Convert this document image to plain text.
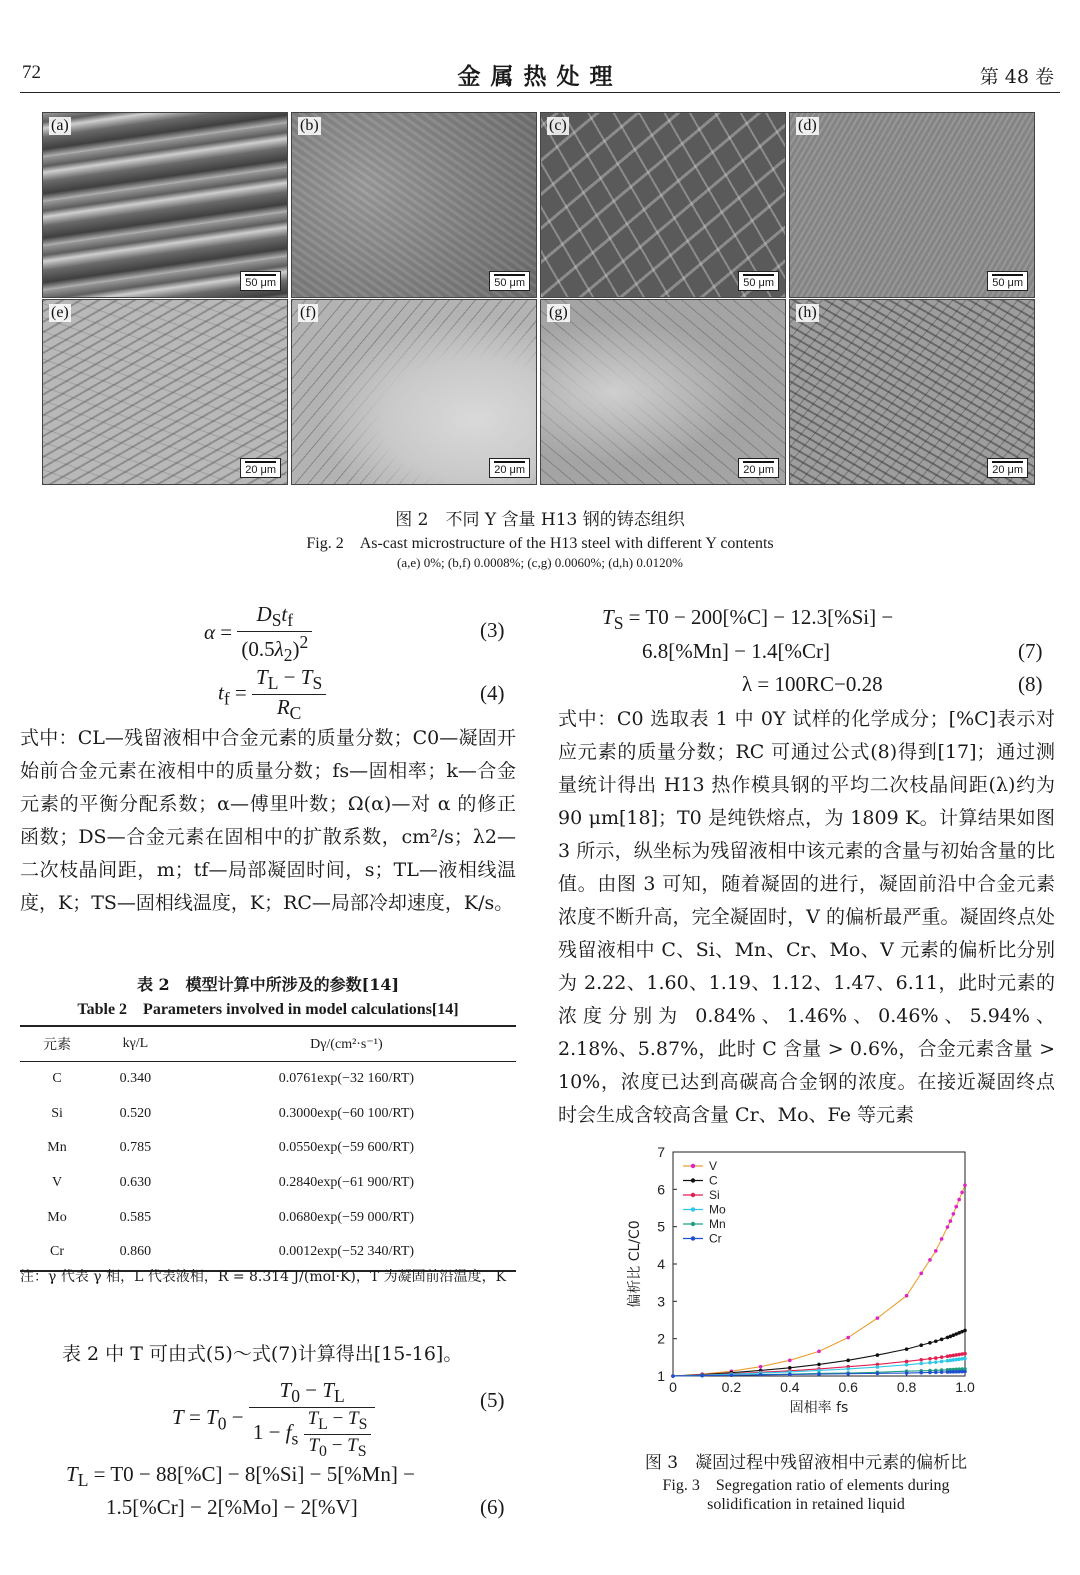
72	金属热处理	第 48 卷
(a)
50 μm
(b)
50 μm
(c)
50 μm
(d)
50 μm
(e)
20 μm
(f)
20 μm
(g)
20 μm
(h)
20 μm
图 2　不同 Y 含量 H13 钢的铸态组织
Fig. 2　As-cast microstructure of the H13 steel with different Y contents
(a,e) 0%; (b,f) 0.0008%; (c,g) 0.0060%; (d,h) 0.0120%
$\alpha = \frac{D_St_f}{(0.5\lambda_2)^2}$	(3)
$t_f = \frac{T_L - T_S}{R_C}$	(4)
式中：CL—残留液相中合金元素的质量分数；C0—凝固开始前合金元素在液相中的质量分数；fs—固相率；k—合金元素的平衡分配系数；α—傅里叶数；Ω(α)—对 α 的修正函数；DS—合金元素在固相中的扩散系数，cm²/s；λ2—二次枝晶间距，m；tf—局部凝固时间，s；TL—液相线温度，K；TS—固相线温度，K；RC—局部冷却速度，K/s。
表 2　模型计算中所涉及的参数[14]
Table 2　Parameters involved in model calculations[14]
元素	kγ/L	Dγ/(cm²·s⁻¹)
C	0.340	0.0761exp(−32 160/RT)
Si	0.520	0.3000exp(−60 100/RT)
Mn	0.785	0.0550exp(−59 600/RT)
V	0.630	0.2840exp(−61 900/RT)
Mo	0.585	0.0680exp(−59 000/RT)
Cr	0.860	0.0012exp(−52 340/RT)
注：γ 代表 γ 相，L 代表液相，R = 8.314 J/(mol·K)，T 为凝固前沿温度，K
表 2 中 T 可由式(5)～式(7)计算得出[15-16]。
$T = T_0 - \frac{T_0 - T_L}{1 - f_s \frac{T_L - T_S}{T_0 - T_S}}$	(5)
$T_L = T0 - 88[\%C] - 8[\%Si] - 5[\%Mn]$ −
1.5[%Cr] − 2[%Mo] − 2[%V]	(6)
$T_S = T0 - 200[\%C] - 12.3[\%Si]$ −
6.8[%Mn] − 1.4[%Cr]	(7)
λ = 100RC−0.28	(8)
式中：C0 选取表 1 中 0Y 试样的化学成分；[%C]表示对应元素的质量分数；RC 可通过公式(8)得到[17]；通过测量统计得出 H13 热作模具钢的平均二次枝晶间距(λ)约为 90 μm[18]；T0 是纯铁熔点，为 1809 K。计算结果如图 3 所示，纵坐标为残留液相中该元素的含量与初始含量的比值。由图 3 可知，随着凝固的进行，凝固前沿中合金元素浓度不断升高，完全凝固时，V 的偏析最严重。凝固终点处残留液相中 C、Si、Mn、Cr、Mo、V 元素的偏析比分别为 2.22、1.60、1.19、1.12、1.47、6.11，此时元素的浓度分别为 0.84%、1.46%、0.46%、5.94%、2.18%、5.87%，此时 C 含量 > 0.6%，合金元素含量 > 10%，浓度已达到高碳高合金钢的浓度。在接近凝固终点时会生成含较高含量 Cr、Mo、Fe 等元素
0	0.2	0.4	0.6	0.8	1.0
1
2
3
4
5
6
7
固相率 fs
偏析比 CL/C0
V
C
Si
Mo
Mn
Cr
图 3　凝固过程中残留液相中元素的偏析比
Fig. 3　Segregation ratio of elements during
solidification in retained liquid
